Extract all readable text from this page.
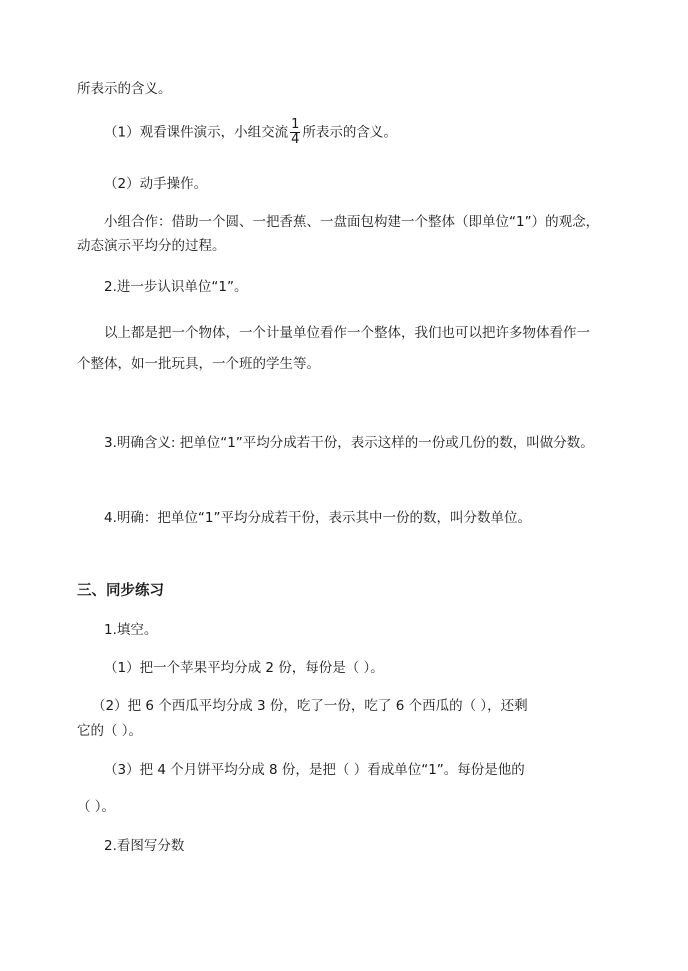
所表示的含义。
（1）观看课件演示，小组交流 $\frac{1}{4}$ 所表示的含义。
（2）动手操作。
小组合作：借助一个圆、一把香蕉、一盘面包构建一个整体（即单位“1”）的观念，
动态演示平均分的过程。
2.进一步认识单位“1”。
以上都是把一个物体，一个计量单位看作一个整体，我们也可以把许多物体看作一
个整体，如一批玩具，一个班的学生等。
3.明确含义: 把单位“1”平均分成若干份，表示这样的一份或几份的数，叫做分数。
4.明确：把单位“1”平均分成若干份，表示其中一份的数，叫分数单位。
三、同步练习
1.填空。
（1）把一个苹果平均分成 2 份，每份是（ ）。
（2）把 6 个西瓜平均分成 3 份，吃了一份，吃了 6 个西瓜的（ ），还剩
它的（ ）。
（3）把 4 个月饼平均分成 8 份，是把（ ）看成单位“1”。每份是他的
（ ）。
2.看图写分数
